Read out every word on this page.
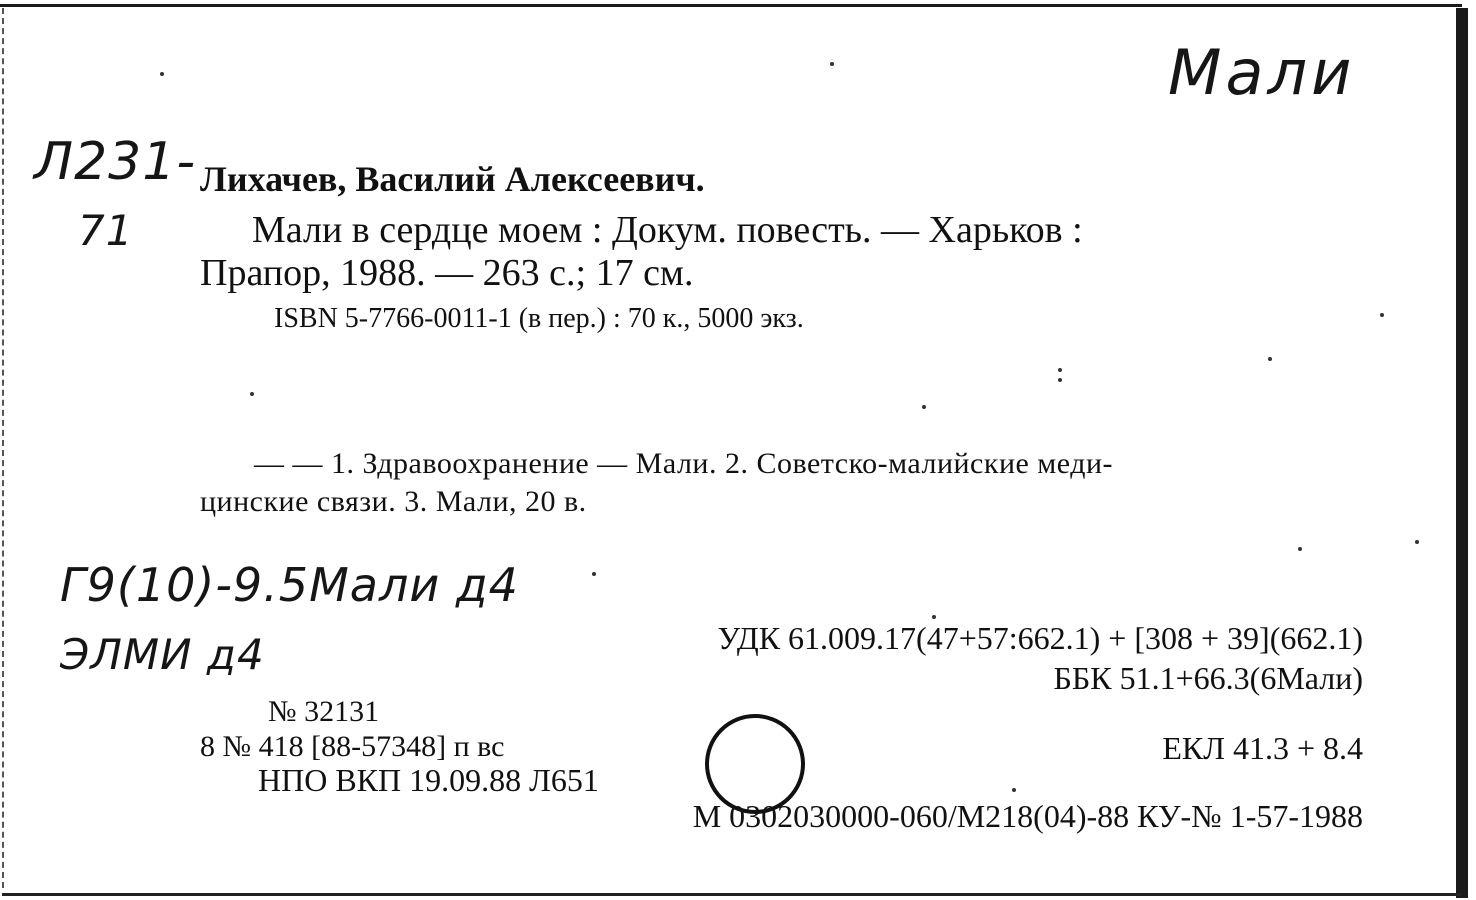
Мали
Л231-
71
Г9(10)-9.5Мали д4
ЭЛМИ д4
Лихачев, Василий Алексеевич.
Мали в сердце моем : Докум. повесть. — Харьков :
Прапор, 1988. — 263 с.; 17 см.
ISBN 5-7766-0011-1 (в пер.) : 70 к., 5000 экз.
— — 1. Здравоохранение — Мали. 2. Советско-малийские меди-
цинские связи. 3. Мали, 20 в.
УДК 61.009.17(47+57:662.1) + [308 + 39](662.1)
ББК 51.1+66.3(6Мали)
ЕКЛ 41.3 + 8.4
№ 32131
8 № 418 [88-57348] п вс
НПО ВКП 19.09.88 Л651
М 0302030000-060/М218(04)-88 КУ-№ 1-57-1988
